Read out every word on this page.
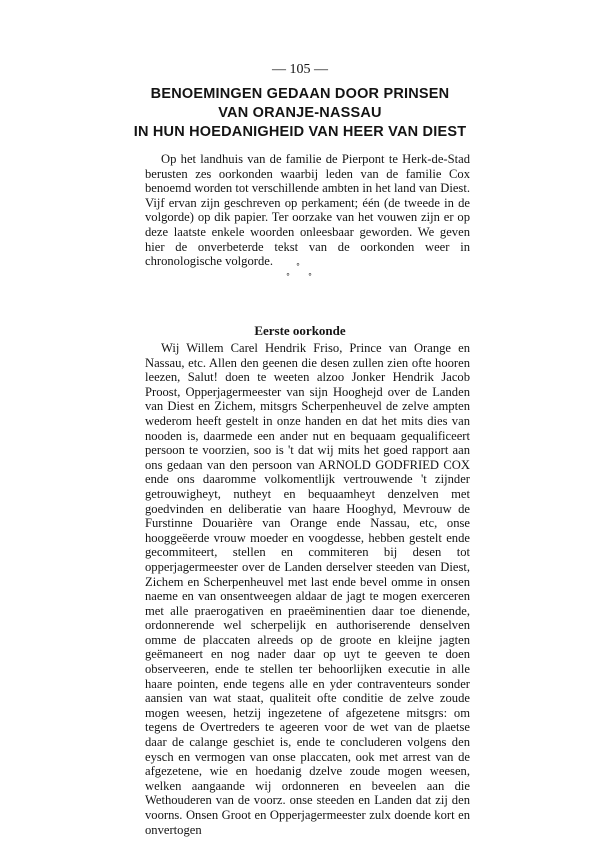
— 105 —
BENOEMINGEN GEDAAN DOOR PRINSEN
VAN ORANJE-NASSAU
IN HUN HOEDANIGHEID VAN HEER VAN DIEST

Op het landhuis van de familie de Pierpont te Herk-de-Stad berusten zes oorkonden waarbij leden van de familie Cox benoemd worden tot verschillende ambten in het land van Diest. Vijf ervan zijn geschreven op perkament; één (de tweede in de volgorde) op dik papier. Ter oorzake van het vouwen zijn er op deze laatste enkele woorden onleesbaar geworden. We geven hier de onverbeterde tekst van de oorkonden weer in chronologische volgorde.	°
° °
Eerste oorkonde

Wij Willem Carel Hendrik Friso, Prince van Orange en Nassau, etc. Allen den geenen die desen zullen zien ofte hooren leezen, Salut! doen te weeten alzoo Jonker Hendrik Jacob Proost, Opperjagermeester van sijn Hooghejd over de Landen van Diest en Zichem, mitsgrs Scherpenheuvel de zelve ampten wederom heeft gestelt in onze handen en dat het mits dies van nooden is, daarmede een ander nut en bequaam gequalificeert persoon te voorzien, soo is 't dat wij mits het goed rapport aan ons gedaan van den persoon van ARNOLD GODFRIED COX ende ons daaromme volkomentlijk vertrouwende 't zijnder getrouwigheyt, nutheyt en bequaamheyt denzelven met goedvinden en deliberatie van haare Hooghyd, Mevrouw de Furstinne Douarière van Orange ende Nassau, etc, onse hooggeëerde vrouw moeder en voogdesse, hebben gestelt ende gecommiteert, stellen en commiteren bij desen tot opperjagermeester over de Landen derselver steeden van Diest, Zichem en Scherpenheuvel met last ende bevel omme in onsen naeme en van onsentweegen aldaar de jagt te mogen exerceren met alle praerogativen en praeëminentien daar toe dienende, ordonnerende wel scherpelijk en authoriserende denselven omme de placcaten alreeds op de groote en kleijne jagten geëmaneert en nog nader daar op uyt te geeven te doen observeeren, ende te stellen ter behoorlijken executie in alle haare pointen, ende tegens alle en yder contraventeurs sonder aansien van wat staat, qualiteit ofte conditie de zelve zoude mogen weesen, hetzij ingezetene of afgezetene mitsgrs: om tegens de Overtreders te ageeren voor de wet van de plaetse daar de calange geschiet is, ende te concluderen volgens den eysch en vermogen van onse placcaten, ook met arrest van de afgezetene, wie en hoedanig dzelve zoude mogen weesen, welken aangaande wij ordonneren en beveelen aan die Wethouderen van de voorz. onse steeden en Landen dat zij den voorns. Onsen Groot en Opperjagermeester zulx doende kort en onvertogen
